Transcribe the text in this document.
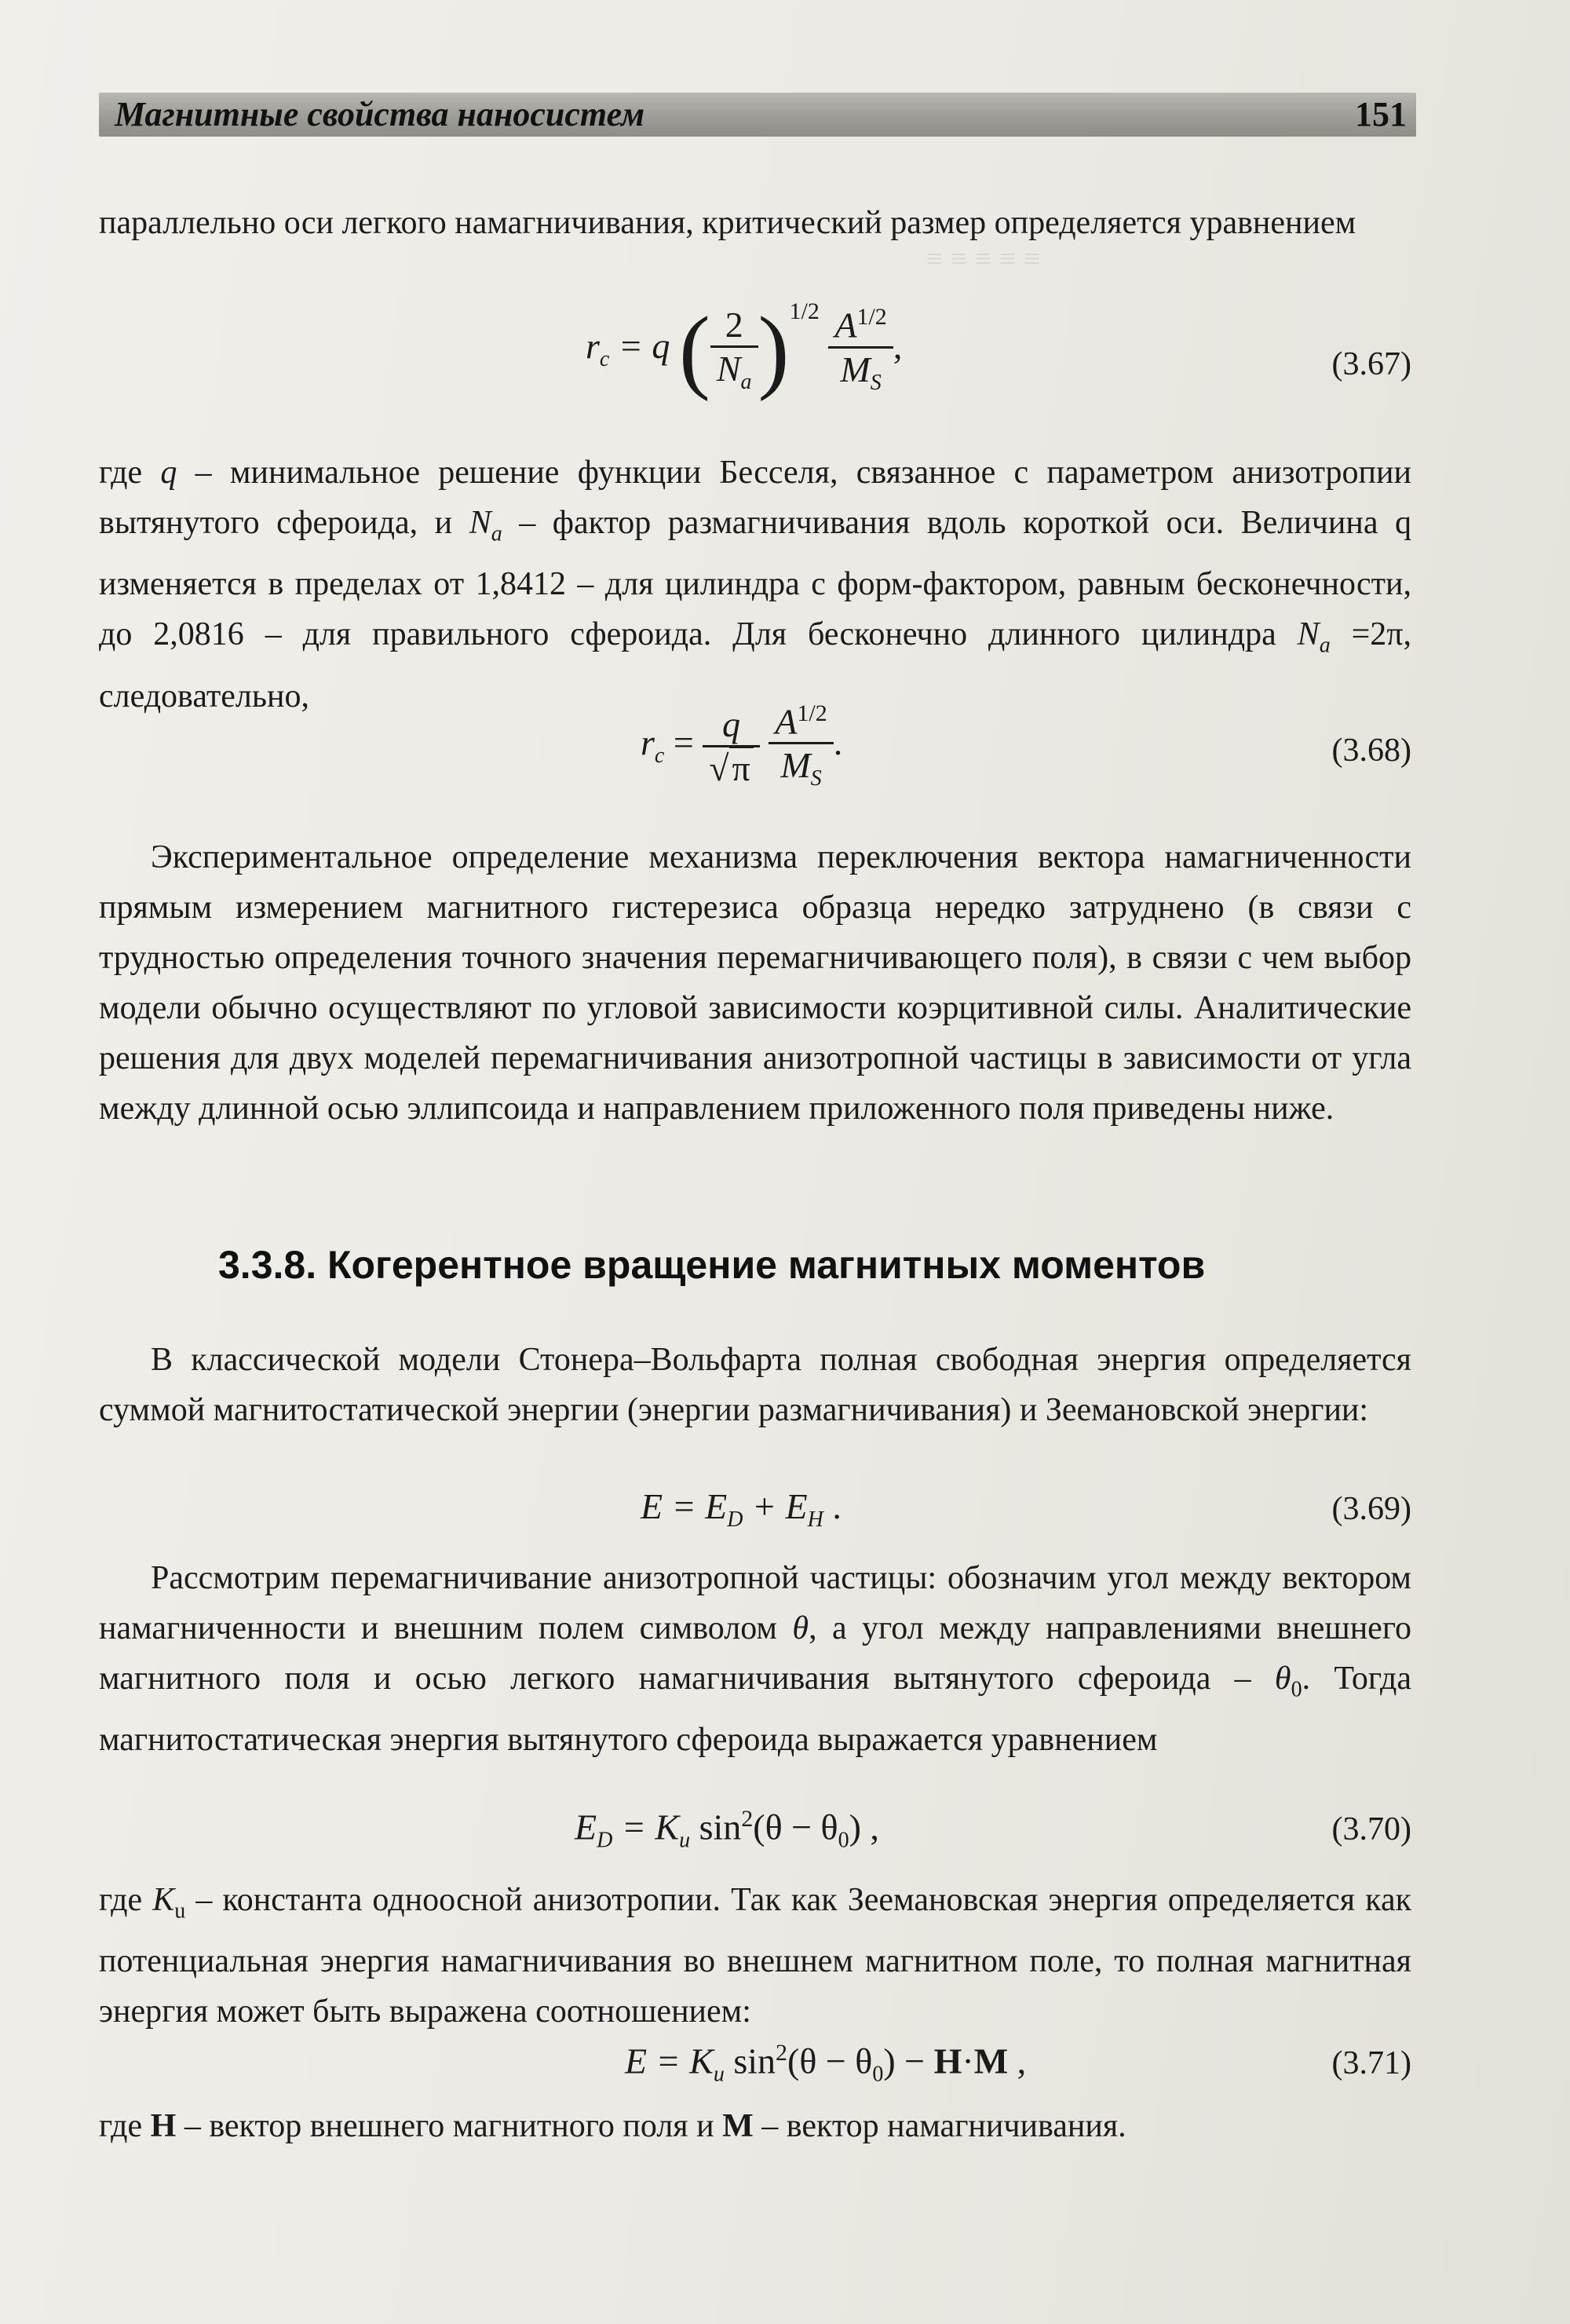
≡ ≡ ≡ ≡ ≡
Магнитные свойства наносистем	151
параллельно оси легкого намагничивания, критический размер определяется уравнением
$r_c = q$ ( $\frac{2}{N_a} )^{1/2} \frac{A^{1/2}}{M_S}$ ,	(3.67)
где q – минимальное решение функции Бесселя, связанное с параметром анизотропии вытянутого сфероида, и $N_a$ – фактор размагничивания вдоль короткой оси. Величина q изменяется в пределах от 1,8412 – для цилиндра с форм-фактором, равным бесконечности, до 2,0816 – для правильного сфероида. Для бесконечно длинного цилиндра $N_a =2\pi$, следовательно,
$r_c = \frac{q}{√\pi}$
$\frac{A^{1/2}}{M_S}$ .	(3.68)
Экспериментальное определение механизма переключения вектора намагниченности прямым измерением магнитного гистерезиса образца нередко затруднено (в связи с трудностью определения точного значения перемагничивающего поля), в связи с чем выбор модели обычно осуществляют по угловой зависимости коэрцитивной силы. Аналитические решения для двух моделей перемагничивания анизотропной частицы в зависимости от угла между длинной осью эллипсоида и направлением приложенного поля приведены ниже.
3.3.8. Когерентное вращение магнитных моментов
В классической модели Стонера–Вольфарта полная свободная энергия определяется суммой магнитостатической энергии (энергии размагничивания) и Зеемановской энергии:
$E = E_D + E_H$ .	(3.69)
Рассмотрим перемагничивание анизотропной частицы: обозначим угол между вектором намагниченности и внешним полем символом θ, а угол между направлениями внешнего магнитного поля и осью легкого намагничивания вытянутого сфероида – $\theta_0$. Тогда магнитостатическая энергия вытянутого сфероида выражается уравнением
$E_D = K_u$ $\sin^2(\theta - \theta_0)$ ,	(3.70)
где $K_u$ – константа одноосной анизотропии. Так как Зеемановская энергия определяется как потенциальная энергия намагничивания во внешнем магнитном поле, то полная магнитная энергия может быть выражена соотношением:
$E = K_u$ $\sin^2(\theta - \theta_0) - H\cdot M$ ,	(3.71)
где H – вектор внешнего магнитного поля и M – вектор намагничивания.
